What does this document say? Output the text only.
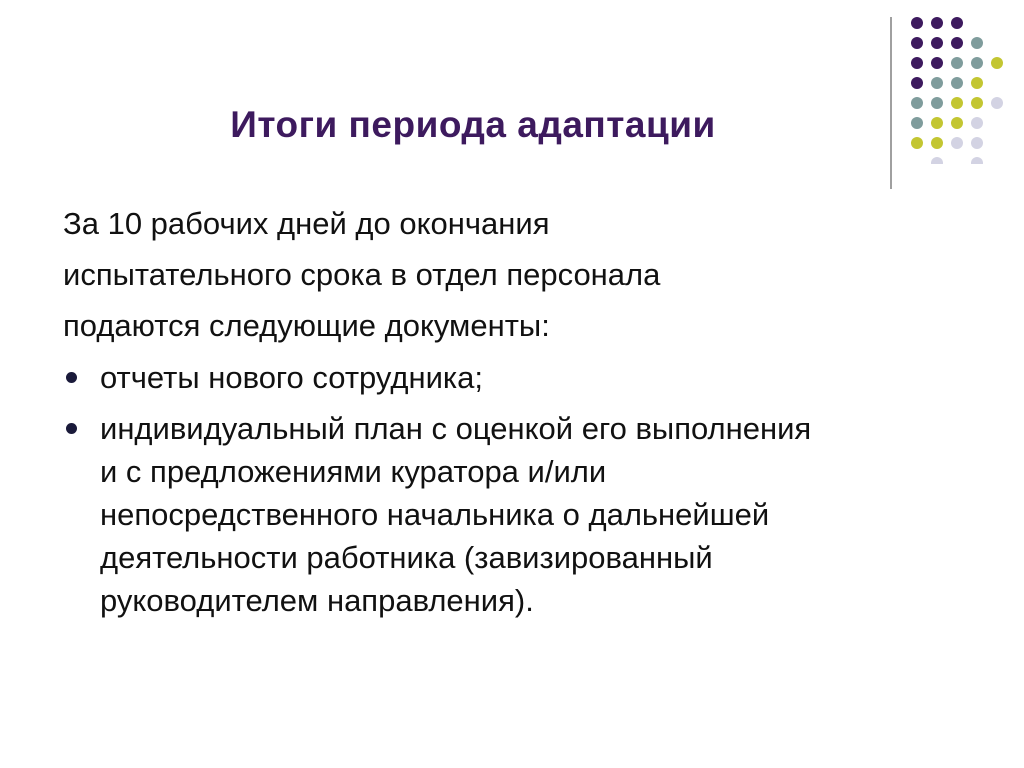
Итоги периода адаптации

За 10 рабочих дней до окончания
испытательного срока в отдел персонала
подаются следующие документы:

отчеты нового сотрудника;
индивидуальный план с оценкой его выполнения
и с предложениями куратора и/или
непосредственного начальника о дальнейшей
деятельности работника (завизированный
руководителем направления).
